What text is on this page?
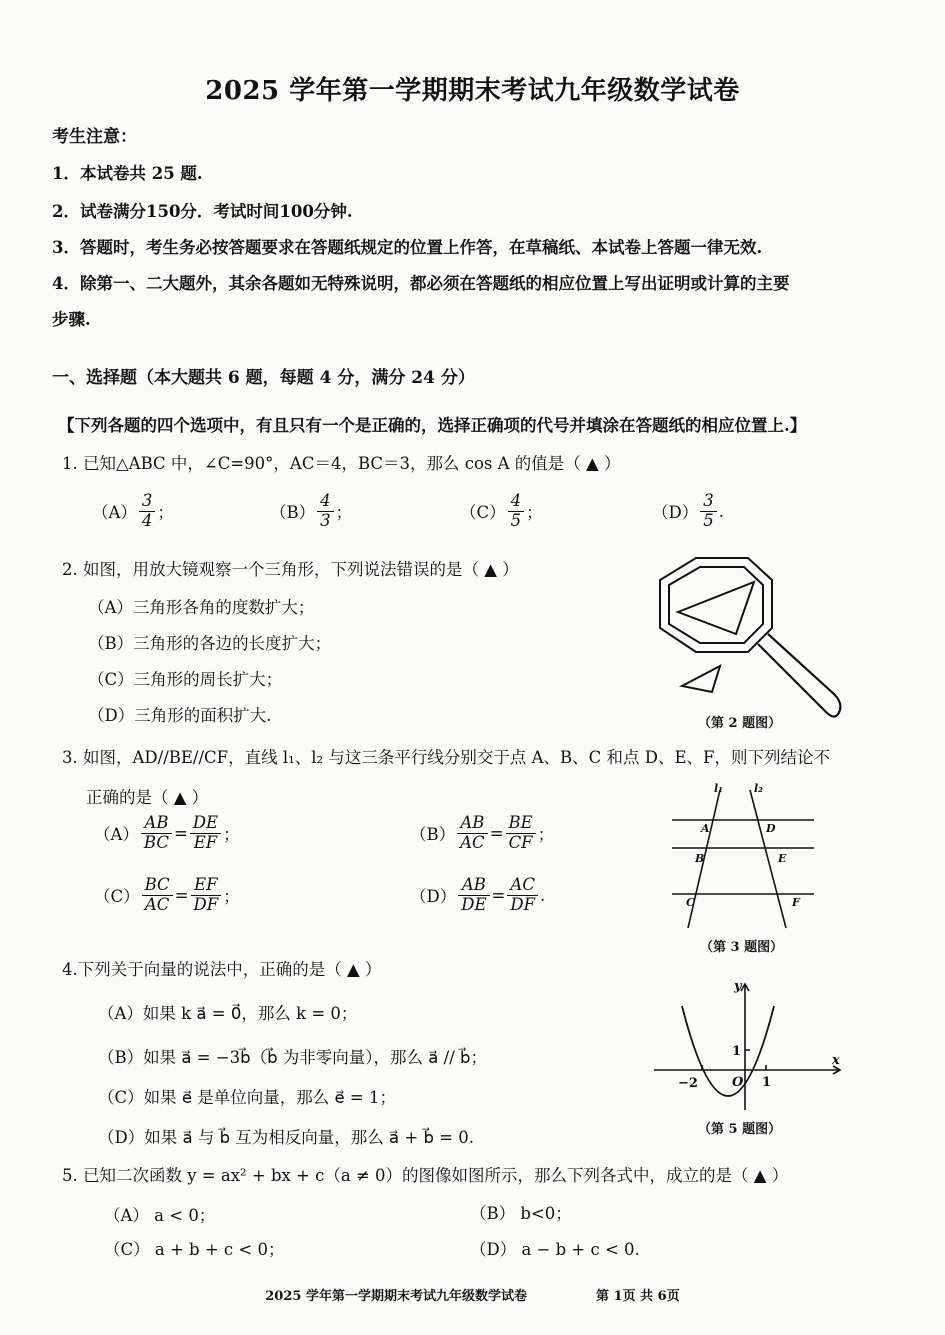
2025 学年第一学期期末考试九年级数学试卷
考生注意：
1．本试卷共 25 题.
2．试卷满分150分．考试时间100分钟.
3．答题时，考生务必按答题要求在答题纸规定的位置上作答，在草稿纸、本试卷上答题一律无效.
4．除第一、二大题外，其余各题如无特殊说明，都必须在答题纸的相应位置上写出证明或计算的主要
步骤.
一、选择题（本大题共 6 题，每题 4 分，满分 24 分）
【下列各题的四个选项中，有且只有一个是正确的，选择正确项的代号并填涂在答题纸的相应位置上.】
1. 已知△ABC 中，∠C=90°，AC＝4，BC＝3，那么 cos A 的值是（ ▲ ）
$(A) \frac{3}{4}$ ；	$(B) \frac{4}{3}$ ；	$(C) \frac{4}{5}$ ；	$(D) \frac{3}{5}$ .
2. 如图，用放大镜观察一个三角形，下列说法错误的是（ ▲ ）
（A）三角形各角的度数扩大；
（B）三角形的各边的长度扩大；
（C）三角形的周长扩大；
（D）三角形的面积扩大.	（第 2 题图）
3. 如图，AD//BE//CF，直线 l₁、l₂ 与这三条平行线分别交于点 A、B、C 和点 D、E、F，则下列结论不
正确的是（ ▲ ）
$(A) \frac{AB}{BC} = \frac{DE}{EF}$ ；	$(B) \frac{AB}{AC} = \frac{BE}{CF}$ ；
$(C) \frac{BC}{AC} = \frac{EF}{DF}$ ；	$(D) \frac{AB}{DE} = \frac{AC}{DF}$ .
l₁	l₂
A	D
B	E
C	F
（第 3 题图）
4.下列关于向量的说法中，正确的是（ ▲ ）
（A）如果 k a⃗ = 0⃗，那么 k = 0；
（B）如果 a⃗ = −3b⃗（b⃗ 为非零向量），那么 a⃗ // b⃗；
（C）如果 e⃗ 是单位向量，那么 e⃗ = 1；
（D）如果 a⃗ 与 b⃗ 互为相反向量，那么 a⃗ + b⃗ = 0.
x
y
1
O
−2	1
（第 5 题图）
5. 已知二次函数 y = ax² + bx + c（a ≠ 0）的图像如图所示，那么下列各式中，成立的是（ ▲ ）
（A） a < 0；	（B） b<0；
（C） a + b + c < 0；	（D） a − b + c < 0.
2025 学年第一学期期末考试九年级数学试卷	第 1页 共 6页
